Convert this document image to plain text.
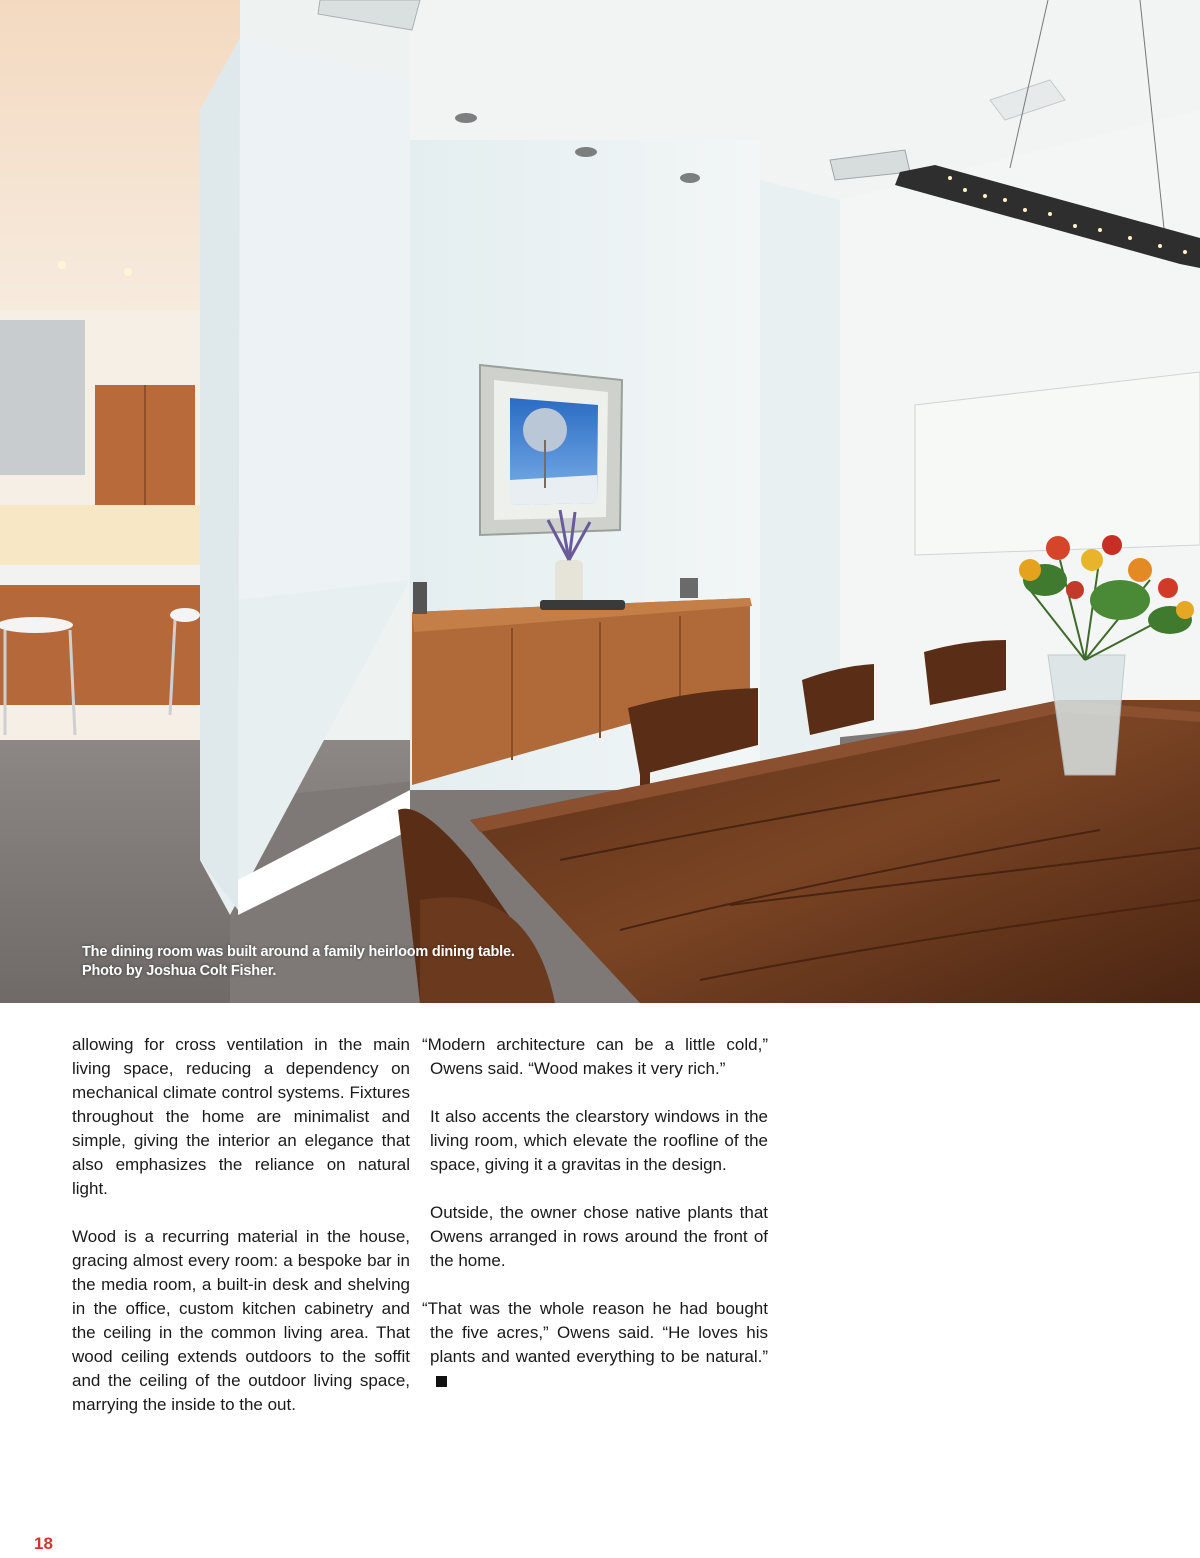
The dining room was built around a family heirloom dining table.
Photo by Joshua Colt Fisher.

allowing for cross ventilation in the main living space, reducing a dependency on mechanical climate control systems. Fixtures throughout the home are minimalist and simple, giving the interior an elegance that also emphasizes the reliance on natural light.

Wood is a recurring material in the house, gracing almost every room: a bespoke bar in the media room, a built-in desk and shelving in the office, custom kitchen cabinetry and the ceiling in the common living area. That wood ceiling extends outdoors to the soffit and the ceiling of the outdoor living space, marrying the inside to the out.

“Modern architecture can be a little cold,” Owens said. “Wood makes it very rich.”

It also accents the clearstory windows in the living room, which elevate the roofline of the space, giving it a gravitas in the design.

Outside, the owner chose native plants that Owens arranged in rows around the front of the home.

“That was the whole reason he had bought the five acres,” Owens said. “He loves his plants and wanted everything to be natural.”

18
